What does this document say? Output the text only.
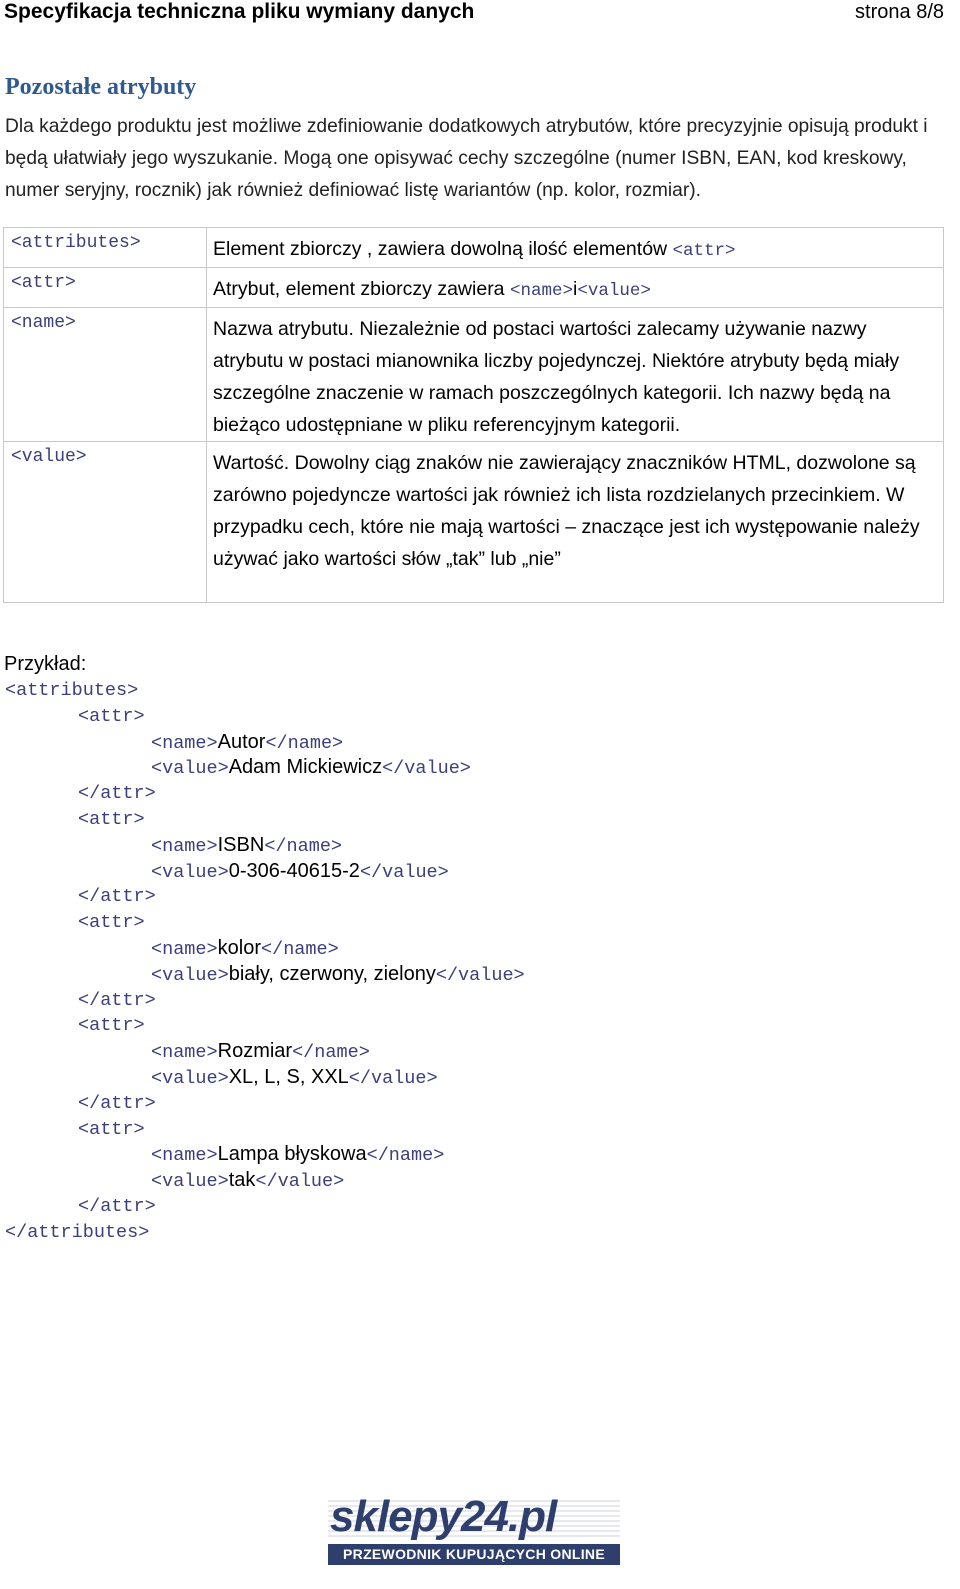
Specyfikacja techniczna pliku wymiany danych	strona 8/8
Pozostałe atrybuty
Dla każdego produktu jest możliwe zdefiniowanie dodatkowych atrybutów, które precyzyjnie opisują produkt i będą ułatwiały jego wyszukanie. Mogą one opisywać cechy szczególne (numer ISBN, EAN, kod kreskowy, numer seryjny, rocznik) jak również definiować listę wariantów (np. kolor, rozmiar).
<attributes>	Element zbiorczy , zawiera dowolną ilość elementów <attr>
<attr>	Atrybut, element zbiorczy zawiera <name>i<value>
<name>	Nazwa atrybutu. Niezależnie od postaci wartości zalecamy używanie nazwy atrybutu w postaci mianownika liczby pojedynczej. Niektóre atrybuty będą miały szczególne znaczenie w ramach poszczególnych kategorii. Ich nazwy będą na bieżąco udostępniane w pliku referencyjnym kategorii.
<value>	Wartość. Dowolny ciąg znaków nie zawierający znaczników HTML, dozwolone są zarówno pojedyncze wartości jak również ich lista rozdzielanych przecinkiem. W przypadku cech, które nie mają wartości – znaczące jest ich występowanie należy używać jako wartości słów „tak” lub „nie”
Przykład:
<attributes>
<attr>
<name>Autor</name>
<value>Adam Mickiewicz</value>
</attr>
<attr>
<name>ISBN</name>
<value>0-306-40615-2</value>
</attr>
<attr>
<name>kolor</name>
<value>biały, czerwony, zielony</value>
</attr>
<attr>
<name>Rozmiar</name>
<value>XL, L, S, XXL</value>
</attr>
<attr>
<name>Lampa błyskowa</name>
<value>tak</value>
</attr>
</attributes>
sklepy24.pl
PRZEWODNIK KUPUJĄCYCH ONLINE
